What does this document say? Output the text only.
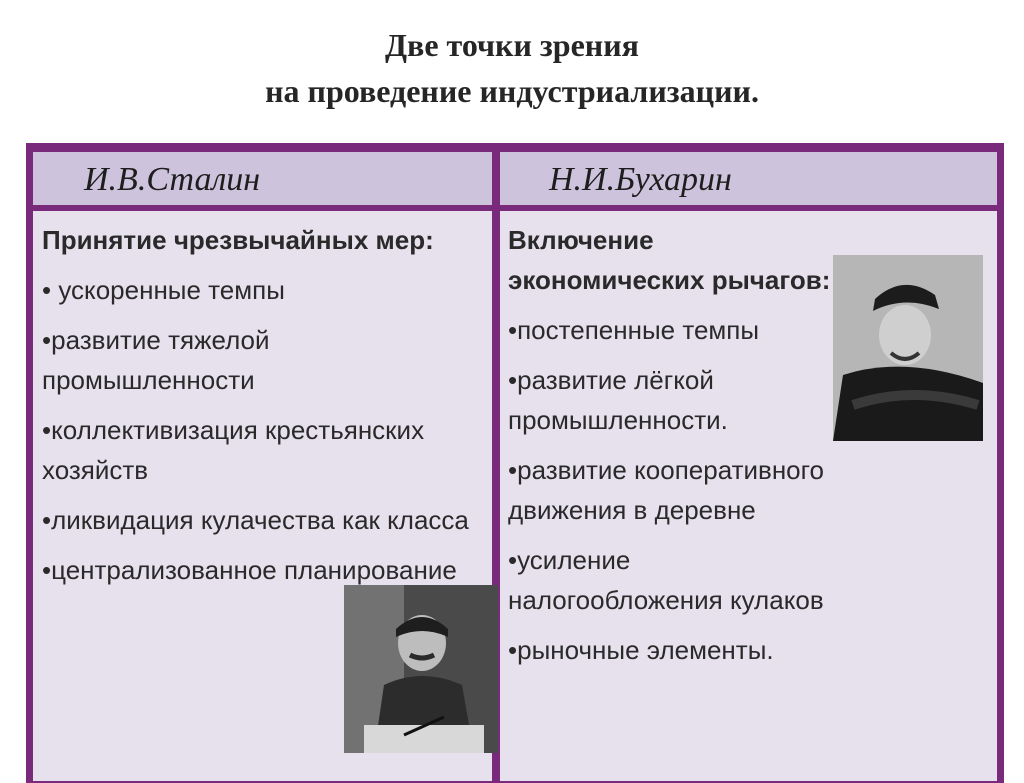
Две точки зрения
на проведение индустриализации.
И.В.Сталин	Н.И.Бухарин
Принятие чрезвычайных мер:
• ускоренные темпы
•развитие тяжелой промышленности
•коллективизация крестьянских хозяйств
•ликвидация кулачества как класса
•централизованное планирование
Включение экономических рычагов:
•постепенные темпы
•развитие лёгкой промышленности.
•развитие кооперативного движения в деревне
•усиление налогообложения кулаков
•рыночные элементы.
